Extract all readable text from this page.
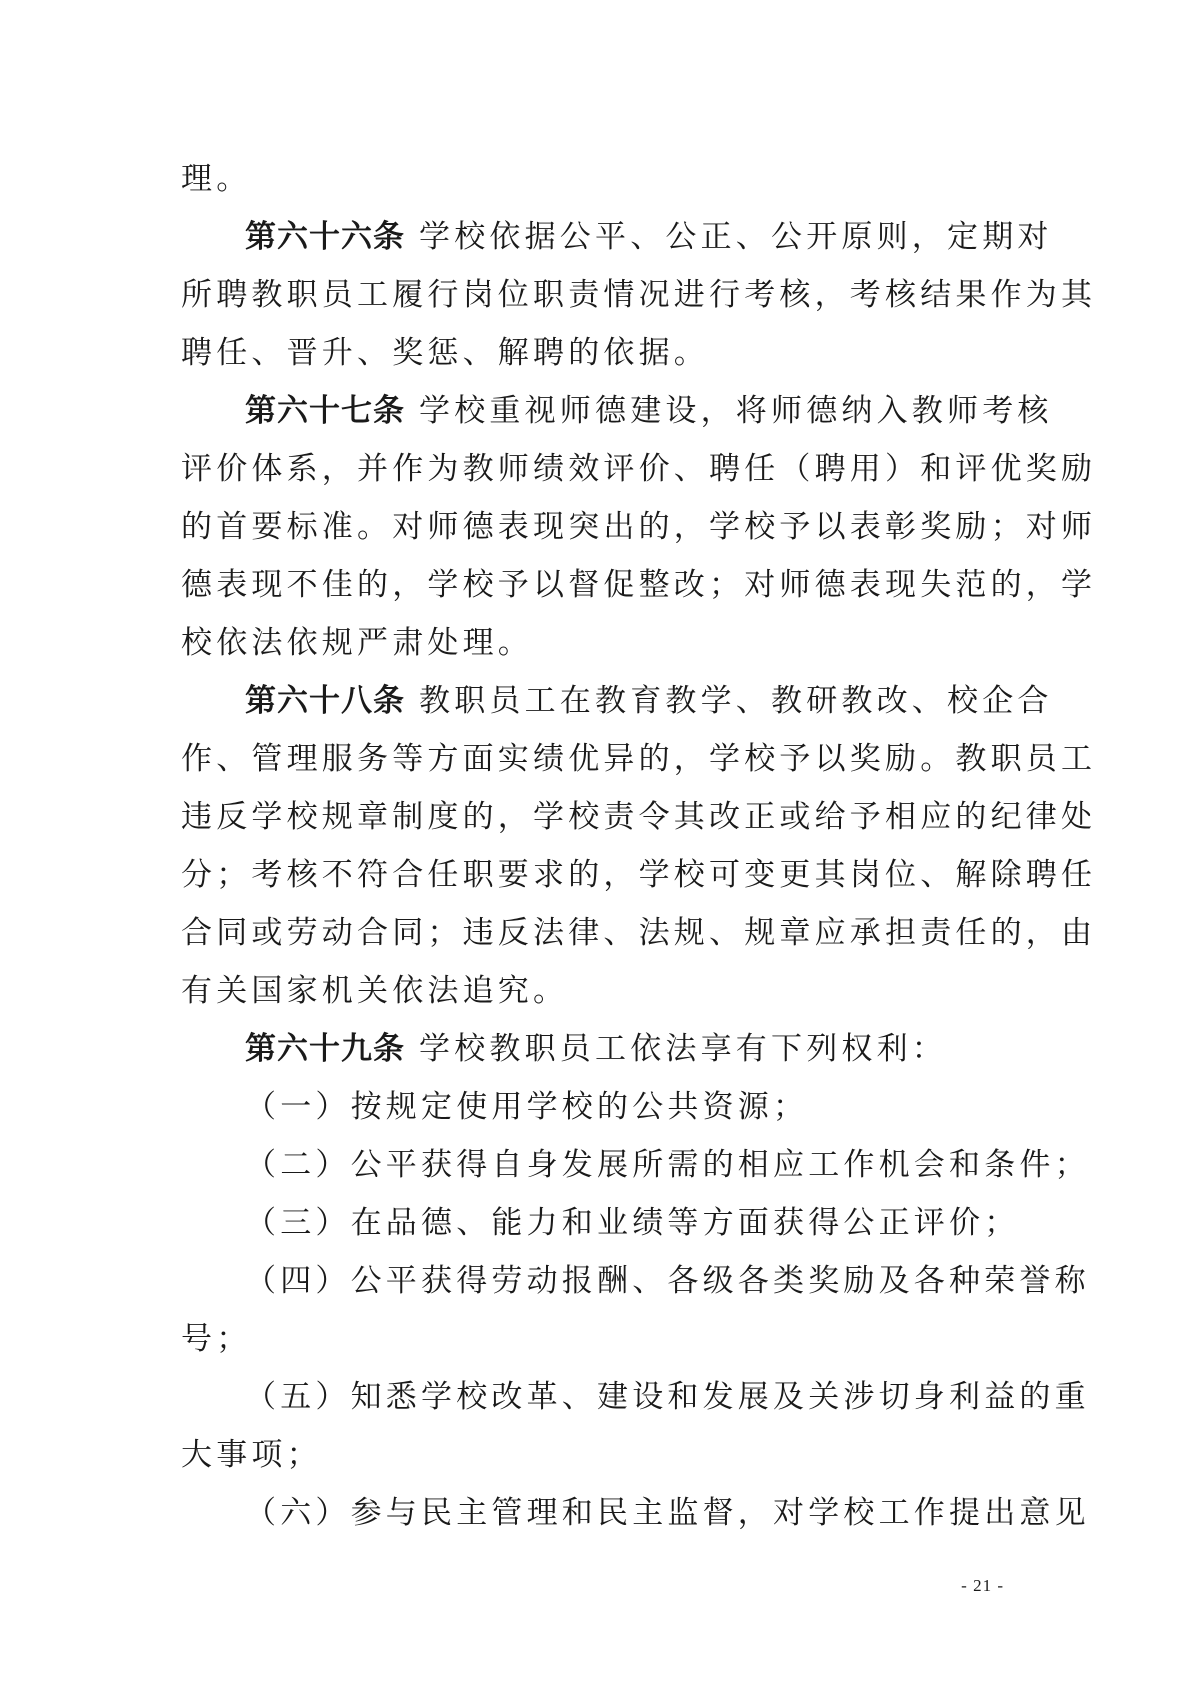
理。
第六十六条 学校依据公平、公正、公开原则，定期对
所聘教职员工履行岗位职责情况进行考核，考核结果作为其
聘任、晋升、奖惩、解聘的依据。
第六十七条 学校重视师德建设，将师德纳入教师考核
评价体系，并作为教师绩效评价、聘任（聘用）和评优奖励
的首要标准。对师德表现突出的，学校予以表彰奖励；对师
德表现不佳的，学校予以督促整改；对师德表现失范的，学
校依法依规严肃处理。
第六十八条 教职员工在教育教学、教研教改、校企合
作、管理服务等方面实绩优异的，学校予以奖励。教职员工
违反学校规章制度的，学校责令其改正或给予相应的纪律处
分；考核不符合任职要求的，学校可变更其岗位、解除聘任
合同或劳动合同；违反法律、法规、规章应承担责任的，由
有关国家机关依法追究。
第六十九条 学校教职员工依法享有下列权利：
（一）按规定使用学校的公共资源；
（二）公平获得自身发展所需的相应工作机会和条件；
（三）在品德、能力和业绩等方面获得公正评价；
（四）公平获得劳动报酬、各级各类奖励及各种荣誉称
号；
（五）知悉学校改革、建设和发展及关涉切身利益的重
大事项；
（六）参与民主管理和民主监督，对学校工作提出意见
- 21 -
